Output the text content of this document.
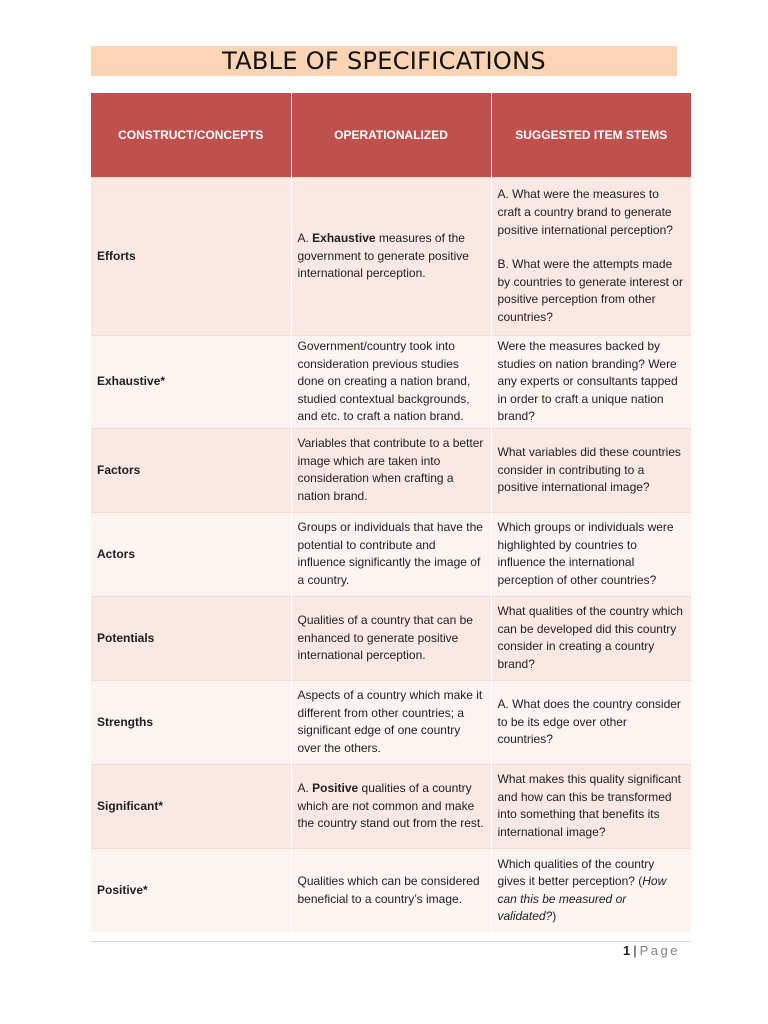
TABLE OF SPECIFICATIONS
CONSTRUCT/CONCEPTS	OPERATIONALIZED	SUGGESTED ITEM STEMS
Efforts	A. Exhaustive measures of the government to generate positive international perception.	A. What were the measures to craft a country brand to generate positive international perception?
B. What were the attempts made by countries to generate interest or positive perception from other countries?

Exhaustive*	Government/country took into consideration previous studies done on creating a nation brand, studied contextual backgrounds, and etc. to craft a nation brand.	Were the measures backed by studies on nation branding? Were any experts or consultants tapped in order to craft a unique nation brand?
Factors	Variables that contribute to a better image which are taken into consideration when crafting a nation brand.	What variables did these countries consider in contributing to a positive international image?
Actors	Groups or individuals that have the potential to contribute and influence significantly the image of a country.	Which groups or individuals were highlighted by countries to influence the international perception of other countries?
Potentials	Qualities of a country that can be enhanced to generate positive international perception.	What qualities of the country which can be developed did this country consider in creating a country brand?
Strengths	Aspects of a country which make it different from other countries; a significant edge of one country over the others.	A. What does the country consider to be its edge over other countries?
Significant*	A. Positive qualities of a country which are not common and make the country stand out from the rest.	What makes this quality significant and how can this be transformed into something that benefits its international image?
Positive*	Qualities which can be considered beneficial to a country’s image.	Which qualities of the country gives it better perception? (How can this be measured or validated?)
1 | Page
